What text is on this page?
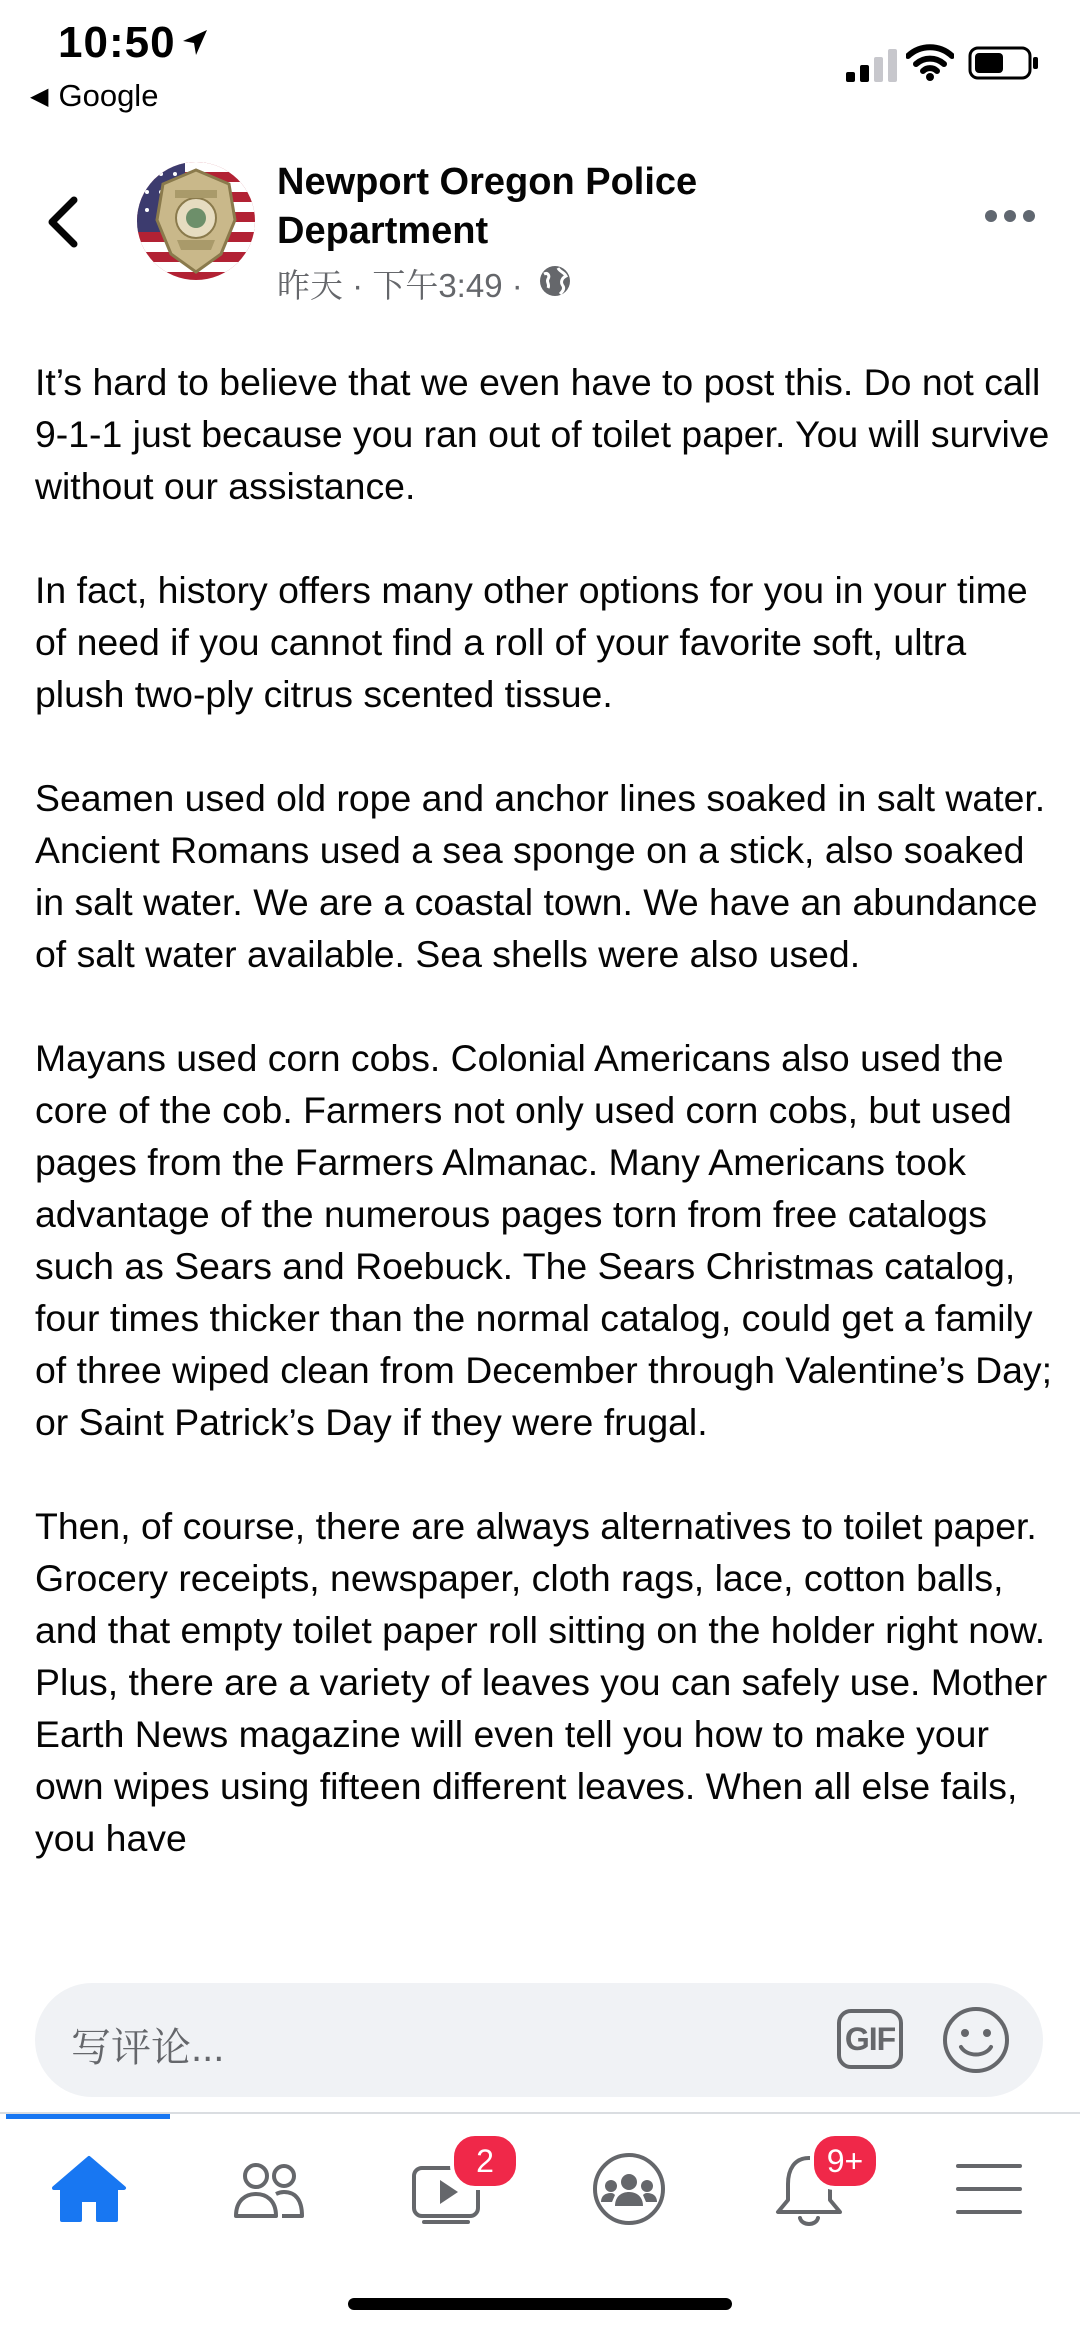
10:50
◀ Google
Newport Oregon Police Department
昨天 · 下午3:49 ·

It’s hard to believe that we even have to post this. Do not call 9-1-1 just because you ran out of toilet paper. You will survive without our assistance.

In fact, history offers many other options for you in your time of need if you cannot find a roll of your favorite soft, ultra plush two-ply citrus scented tissue.

Seamen used old rope and anchor lines soaked in salt water. Ancient Romans used a sea sponge on a stick, also soaked in salt water. We are a coastal town. We have an abundance of salt water available. Sea shells were also used.

Mayans used corn cobs. Colonial Americans also used the core of the cob. Farmers not only used corn cobs, but used pages from the Farmers Almanac. Many Americans took advantage of the numerous pages torn from free catalogs such as Sears and Roebuck. The Sears Christmas catalog, four times thicker than the normal catalog, could get a family of three wiped clean from December through Valentine’s Day; or Saint Patrick’s Day if they were frugal.

Then, of course, there are always alternatives to toilet paper. Grocery receipts, newspaper, cloth rags, lace, cotton balls, and that empty toilet paper roll sitting on the holder right now. Plus, there are a variety of leaves you can safely use. Mother Earth News magazine will even tell you how to make your own wipes using fifteen different leaves. When all else fails, you have

写评论...	GIF
2	9+
